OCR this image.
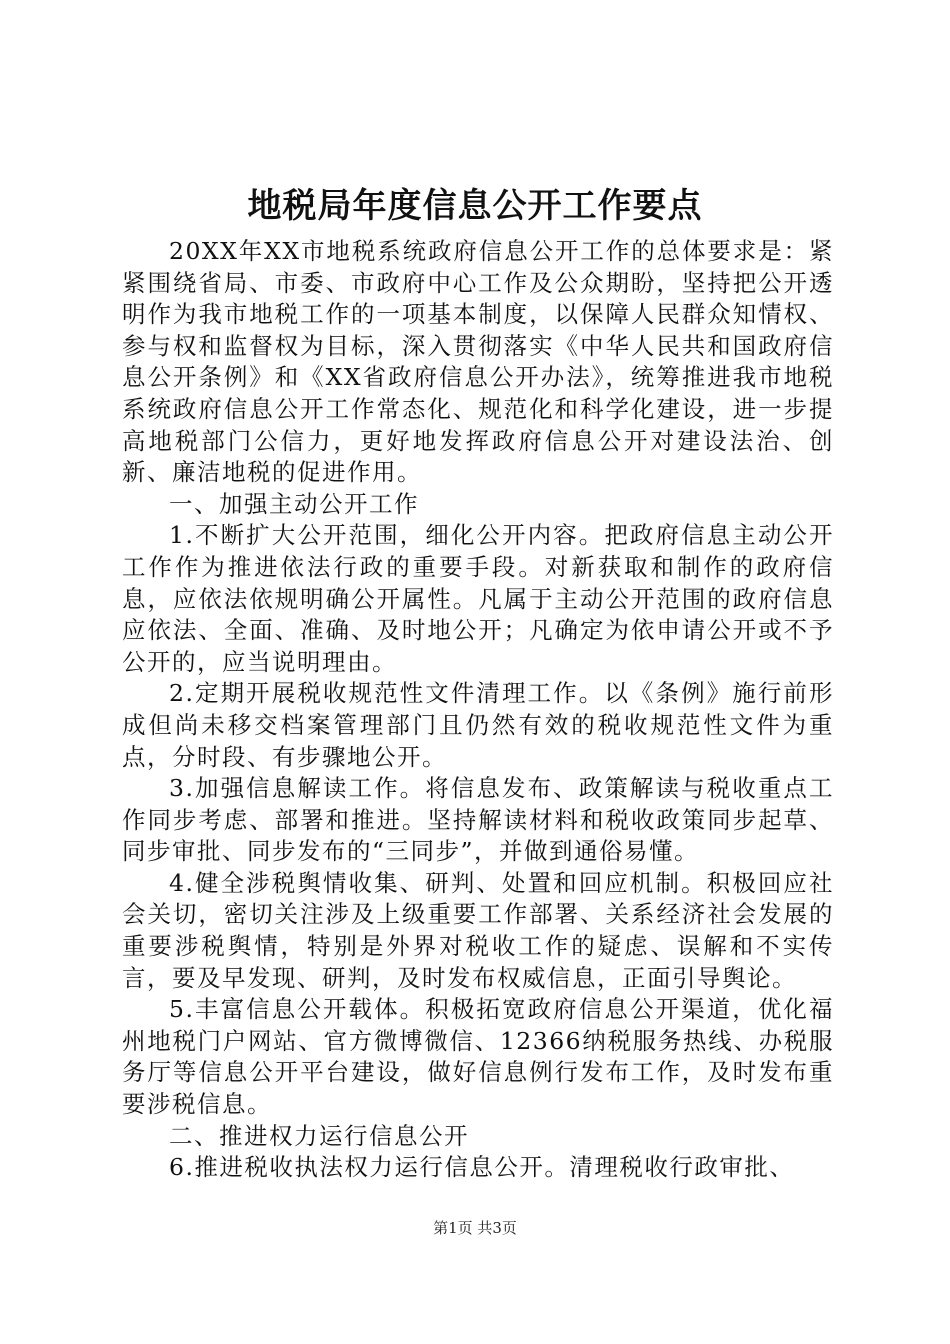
地税局年度信息公开工作要点

20XX年XX市地税系统政府信息公开工作的总体要求是：紧紧围绕省局、市委、市政府中心工作及公众期盼，坚持把公开透明作为我市地税工作的一项基本制度，以保障人民群众知情权、参与权和监督权为目标，深入贯彻落实《中华人民共和国政府信息公开条例》和《XX省政府信息公开办法》，统筹推进我市地税系统政府信息公开工作常态化、规范化和科学化建设，进一步提高地税部门公信力，更好地发挥政府信息公开对建设法治、创新、廉洁地税的促进作用。

一、加强主动公开工作

1.不断扩大公开范围，细化公开内容。把政府信息主动公开工作作为推进依法行政的重要手段。对新获取和制作的政府信息，应依法依规明确公开属性。凡属于主动公开范围的政府信息应依法、全面、准确、及时地公开；凡确定为依申请公开或不予公开的，应当说明理由。

2.定期开展税收规范性文件清理工作。以《条例》施行前形成但尚未移交档案管理部门且仍然有效的税收规范性文件为重点，分时段、有步骤地公开。

3.加强信息解读工作。将信息发布、政策解读与税收重点工作同步考虑、部署和推进。坚持解读材料和税收政策同步起草、同步审批、同步发布的“三同步”，并做到通俗易懂。

4.健全涉税舆情收集、研判、处置和回应机制。积极回应社会关切，密切关注涉及上级重要工作部署、关系经济社会发展的重要涉税舆情，特别是外界对税收工作的疑虑、误解和不实传言，要及早发现、研判，及时发布权威信息，正面引导舆论。

5.丰富信息公开载体。积极拓宽政府信息公开渠道，优化福州地税门户网站、官方微博微信、12366纳税服务热线、办税服务厅等信息公开平台建设，做好信息例行发布工作，及时发布重要涉税信息。

二、推进权力运行信息公开

6.推进税收执法权力运行信息公开。清理税收行政审批、

第1页 共3页
